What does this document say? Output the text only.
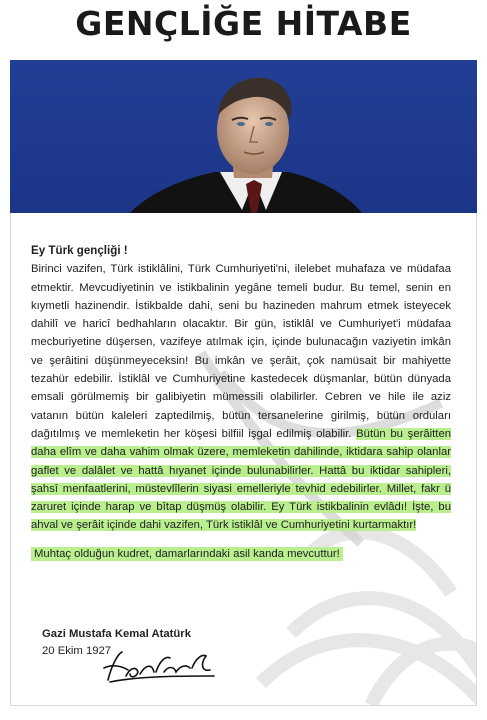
GENÇLİĞE HİTABE

Ey Türk gençliği !

Birinci vazifen, Türk istiklâlini, Türk Cumhuriyeti'ni, ilelebet muhafaza ve müdafaa etmektir. Mevcudiyetinin ve istikbalinin yegâne temeli budur. Bu temel, senin en kıymetli hazinendir. İstikbalde dahi, seni bu hazineden mahrum etmek isteyecek dahilî ve haricî bedhahların olacaktır. Bir gün, istiklâl ve Cumhuriyet'i müdafaa mecburiyetine düşersen, vazifeye atılmak için, içinde bulunacağın vaziyetin imkân ve şerâitini düşünmeyeceksin! Bu imkân ve şerâit, çok namüsait bir mahiyette tezahür edebilir. İstiklâl ve Cumhuriyetine kastedecek düşmanlar, bütün dünyada emsali görülmemiş bir galibiyetin mümessili olabilirler. Cebren ve hile ile aziz vatanın bütün kaleleri zaptedilmiş, bütün tersanelerine girilmiş, bütün orduları dağıtılmış ve memleketin her köşesi bilfiil işgal edilmiş olabilir. Bütün bu şerâitten daha elîm ve daha vahim olmak üzere, memleketin dahilinde, iktidara sahip olanlar gaflet ve dalâlet ve hattâ hıyanet içinde bulunabilirler. Hattâ bu iktidar sahipleri, şahsî menfaatlerini, müstevlîlerin siyasi emelleriyle tevhid edebilirler. Millet, fakr ü zaruret içinde harap ve bîtap düşmüş olabilir. Ey Türk istikbalinin evlâdı! İşte, bu ahval ve şerâit içinde dahi vazifen, Türk istiklâl ve Cumhuriyetini kurtarmaktır!

Muhtaç olduğun kudret, damarlarındaki asil kanda mevcuttur!

Gazi Mustafa Kemal Atatürk
20 Ekim 1927
